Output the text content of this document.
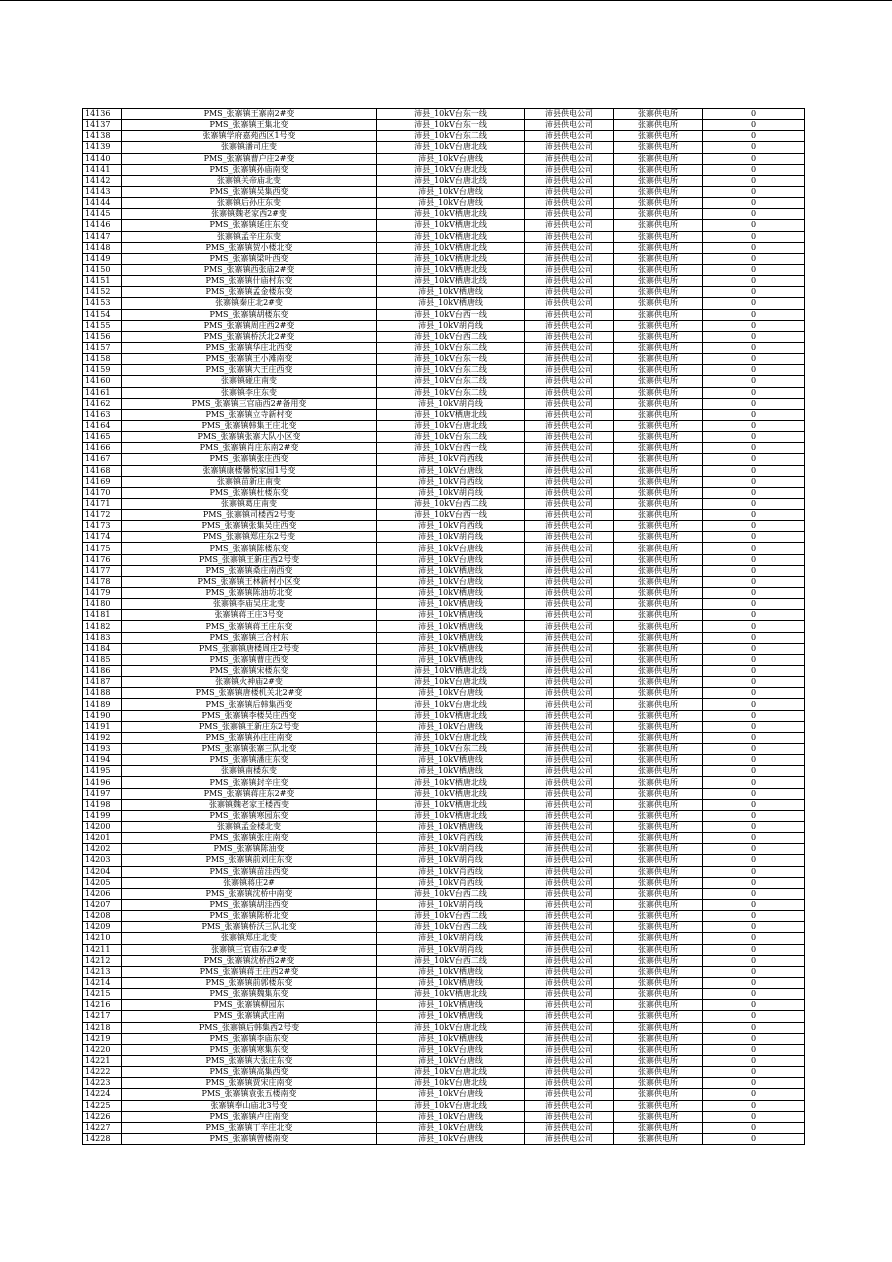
14136	PMS_张寨镇王寨南2#变	沛县_10kV台东一线	沛县供电公司	张寨供电所	0
14137	PMS_张寨镇王集北变	沛县_10kV台东一线	沛县供电公司	张寨供电所	0
14138	张寨镇学府嘉苑西区1号变	沛县_10kV台东二线	沛县供电公司	张寨供电所	0
14139	张寨镇潘司庄变	沛县_10kV台唐北线	沛县供电公司	张寨供电所	0
14140	PMS_张寨镇曹户庄2#变	沛县_10kV台唐线	沛县供电公司	张寨供电所	0
14141	PMS_张寨镇孙庙南变	沛县_10kV台唐北线	沛县供电公司	张寨供电所	0
14142	张寨镇关帝庙北变	沛县_10kV台唐北线	沛县供电公司	张寨供电所	0
14143	PMS_张寨镇吴集西变	沛县_10kV台唐线	沛县供电公司	张寨供电所	0
14144	张寨镇后孙庄东变	沛县_10kV台唐线	沛县供电公司	张寨供电所	0
14145	张寨镇魏老家西2#变	沛县_10kV栖唐北线	沛县供电公司	张寨供电所	0
14146	PMS_张寨镇延庄东变	沛县_10kV栖唐北线	沛县供电公司	张寨供电所	0
14147	张寨镇孟辛庄东变	沛县_10kV栖唐北线	沛县供电公司	张寨供电所	0
14148	PMS_张寨镇贺小楼北变	沛县_10kV栖唐北线	沛县供电公司	张寨供电所	0
14149	PMS_张寨镇梁叶西变	沛县_10kV栖唐北线	沛县供电公司	张寨供电所	0
14150	PMS_张寨镇西张庙2#变	沛县_10kV栖唐北线	沛县供电公司	张寨供电所	0
14151	PMS_张寨镇什庙村东变	沛县_10kV栖唐北线	沛县供电公司	张寨供电所	0
14152	PMS_张寨镇孟金楼东变	沛县_10kV栖唐线	沛县供电公司	张寨供电所	0
14153	张寨镇秦庄北2#变	沛县_10kV栖唐线	沛县供电公司	张寨供电所	0
14154	PMS_张寨镇胡楼东变	沛县_10kV台西一线	沛县供电公司	张寨供电所	0
14155	PMS_张寨镇周庄西2#变	沛县_10kV胡肖线	沛县供电公司	张寨供电所	0
14156	PMS_张寨镇桥沃北2#变	沛县_10kV台西二线	沛县供电公司	张寨供电所	0
14157	PMS_张寨镇华庄北西变	沛县_10kV台东二线	沛县供电公司	张寨供电所	0
14158	PMS_张寨镇王小滩南变	沛县_10kV台东一线	沛县供电公司	张寨供电所	0
14159	PMS_张寨镇大王庄西变	沛县_10kV台东二线	沛县供电公司	张寨供电所	0
14160	张寨镇碰庄南变	沛县_10kV台东二线	沛县供电公司	张寨供电所	0
14161	张寨镇李庄东变	沛县_10kV台东二线	沛县供电公司	张寨供电所	0
14162	PMS_张寨镇三官庙西2#备用变	沛县_10kV胡肖线	沛县供电公司	张寨供电所	0
14163	PMS_张寨镇立寺新村变	沛县_10kV栖唐北线	沛县供电公司	张寨供电所	0
14164	PMS_张寨镇韩集王庄北变	沛县_10kV台唐北线	沛县供电公司	张寨供电所	0
14165	PMS_张寨镇张寨大队小区变	沛县_10kV台东二线	沛县供电公司	张寨供电所	0
14166	PMS_张寨镇肖庄东南2#变	沛县_10kV台西一线	沛县供电公司	张寨供电所	0
14167	PMS_张寨镇张庄西变	沛县_10kV肖西线	沛县供电公司	张寨供电所	0
14168	张寨镇康楼馨悦家园1号变	沛县_10kV台唐线	沛县供电公司	张寨供电所	0
14169	张寨镇苗新庄南变	沛县_10kV肖西线	沛县供电公司	张寨供电所	0
14170	PMS_张寨镇杜楼东变	沛县_10kV胡肖线	沛县供电公司	张寨供电所	0
14171	张寨镇葛庄南变	沛县_10kV台西二线	沛县供电公司	张寨供电所	0
14172	PMS_张寨镇司楼西2号变	沛县_10kV台西一线	沛县供电公司	张寨供电所	0
14173	PMS_张寨镇张集吴庄西变	沛县_10kV肖西线	沛县供电公司	张寨供电所	0
14174	PMS_张寨镇郑庄东2号变	沛县_10kV胡肖线	沛县供电公司	张寨供电所	0
14175	PMS_张寨镇陈楼东变	沛县_10kV台唐线	沛县供电公司	张寨供电所	0
14176	PMS_张寨镇王新庄西2号变	沛县_10kV台唐线	沛县供电公司	张寨供电所	0
14177	PMS_张寨镇桑庄南西变	沛县_10kV栖唐线	沛县供电公司	张寨供电所	0
14178	PMS_张寨镇王林新村小区变	沛县_10kV台唐线	沛县供电公司	张寨供电所	0
14179	PMS_张寨镇陈油坊北变	沛县_10kV栖唐线	沛县供电公司	张寨供电所	0
14180	张寨镇李庙吴庄北变	沛县_10kV栖唐线	沛县供电公司	张寨供电所	0
14181	张寨镇蒋王庄3号变	沛县_10kV栖唐线	沛县供电公司	张寨供电所	0
14182	PMS_张寨镇蒋王庄东变	沛县_10kV栖唐线	沛县供电公司	张寨供电所	0
14183	PMS_张寨镇三合村东	沛县_10kV栖唐线	沛县供电公司	张寨供电所	0
14184	PMS_张寨镇唐楼周庄2号变	沛县_10kV栖唐线	沛县供电公司	张寨供电所	0
14185	PMS_张寨镇曹庄西变	沛县_10kV栖唐线	沛县供电公司	张寨供电所	0
14186	PMS_张寨镇宋楼东变	沛县_10kV栖唐北线	沛县供电公司	张寨供电所	0
14187	张寨镇火神庙2#变	沛县_10kV台唐北线	沛县供电公司	张寨供电所	0
14188	PMS_张寨镇唐楼机关北2#变	沛县_10kV台唐线	沛县供电公司	张寨供电所	0
14189	PMS_张寨镇后韩集西变	沛县_10kV台唐北线	沛县供电公司	张寨供电所	0
14190	PMS_张寨镇李楼吴庄西变	沛县_10kV栖唐北线	沛县供电公司	张寨供电所	0
14191	PMS_张寨镇王新庄东2号变	沛县_10kV台唐线	沛县供电公司	张寨供电所	0
14192	PMS_张寨镇孙庄庄南变	沛县_10kV台唐北线	沛县供电公司	张寨供电所	0
14193	PMS_张寨镇张寨三队北变	沛县_10kV台东二线	沛县供电公司	张寨供电所	0
14194	PMS_张寨镇潘庄东变	沛县_10kV栖唐线	沛县供电公司	张寨供电所	0
14195	张寨镇南楼东变	沛县_10kV栖唐线	沛县供电公司	张寨供电所	0
14196	PMS_张寨镇封辛庄变	沛县_10kV栖唐北线	沛县供电公司	张寨供电所	0
14197	PMS_张寨镇蒋庄东2#变	沛县_10kV栖唐北线	沛县供电公司	张寨供电所	0
14198	张寨镇魏老家王楼西变	沛县_10kV栖唐北线	沛县供电公司	张寨供电所	0
14199	PMS_张寨镇寒园东变	沛县_10kV栖唐北线	沛县供电公司	张寨供电所	0
14200	张寨镇孟金楼北变	沛县_10kV栖唐线	沛县供电公司	张寨供电所	0
14201	PMS_张寨镇张庄南变	沛县_10kV肖西线	沛县供电公司	张寨供电所	0
14202	PMS_张寨镇陈油变	沛县_10kV胡肖线	沛县供电公司	张寨供电所	0
14203	PMS_张寨镇前刘庄东变	沛县_10kV胡肖线	沛县供电公司	张寨供电所	0
14204	PMS_张寨镇苗洼西变	沛县_10kV肖西线	沛县供电公司	张寨供电所	0
14205	张寨镇蒋庄2#	沛县_10kV肖西线	沛县供电公司	张寨供电所	0
14206	PMS_张寨镇沈桥中南变	沛县_10kV台西二线	沛县供电公司	张寨供电所	0
14207	PMS_张寨镇胡洼西变	沛县_10kV胡肖线	沛县供电公司	张寨供电所	0
14208	PMS_张寨镇陈桥北变	沛县_10kV台西二线	沛县供电公司	张寨供电所	0
14209	PMS_张寨镇桥沃三队北变	沛县_10kV台西二线	沛县供电公司	张寨供电所	0
14210	张寨镇郑庄北变	沛县_10kV胡肖线	沛县供电公司	张寨供电所	0
14211	张寨镇三官庙东2#变	沛县_10kV胡肖线	沛县供电公司	张寨供电所	0
14212	PMS_张寨镇沈桥西2#变	沛县_10kV台西二线	沛县供电公司	张寨供电所	0
14213	PMS_张寨镇蒋王庄西2#变	沛县_10kV栖唐线	沛县供电公司	张寨供电所	0
14214	PMS_张寨镇前郭楼东变	沛县_10kV栖唐线	沛县供电公司	张寨供电所	0
14215	PMS_张寨镇魏集东变	沛县_10kV栖唐北线	沛县供电公司	张寨供电所	0
14216	PMS_张寨镇柳园东	沛县_10kV栖唐线	沛县供电公司	张寨供电所	0
14217	PMS_张寨镇武庄南	沛县_10kV栖唐线	沛县供电公司	张寨供电所	0
14218	PMS_张寨镇后韩集西2号变	沛县_10kV台唐北线	沛县供电公司	张寨供电所	0
14219	PMS_张寨镇李庙东变	沛县_10kV栖唐线	沛县供电公司	张寨供电所	0
14220	PMS_张寨镇寒集东变	沛县_10kV台唐线	沛县供电公司	张寨供电所	0
14221	PMS_张寨镇大张庄东变	沛县_10kV台唐线	沛县供电公司	张寨供电所	0
14222	PMS_张寨镇高集西变	沛县_10kV台唐北线	沛县供电公司	张寨供电所	0
14223	PMS_张寨镇贾宋庄南变	沛县_10kV台唐北线	沛县供电公司	张寨供电所	0
14224	PMS_张寨镇袁张五楼南变	沛县_10kV台唐线	沛县供电公司	张寨供电所	0
14225	张寨镇奉山庙北3号变	沛县_10kV台唐北线	沛县供电公司	张寨供电所	0
14226	PMS_张寨镇卢庄南变	沛县_10kV台唐线	沛县供电公司	张寨供电所	0
14227	PMS_张寨镇丁辛庄北变	沛县_10kV台唐线	沛县供电公司	张寨供电所	0
14228	PMS_张寨镇曾楼南变	沛县_10kV台唐线	沛县供电公司	张寨供电所	0
